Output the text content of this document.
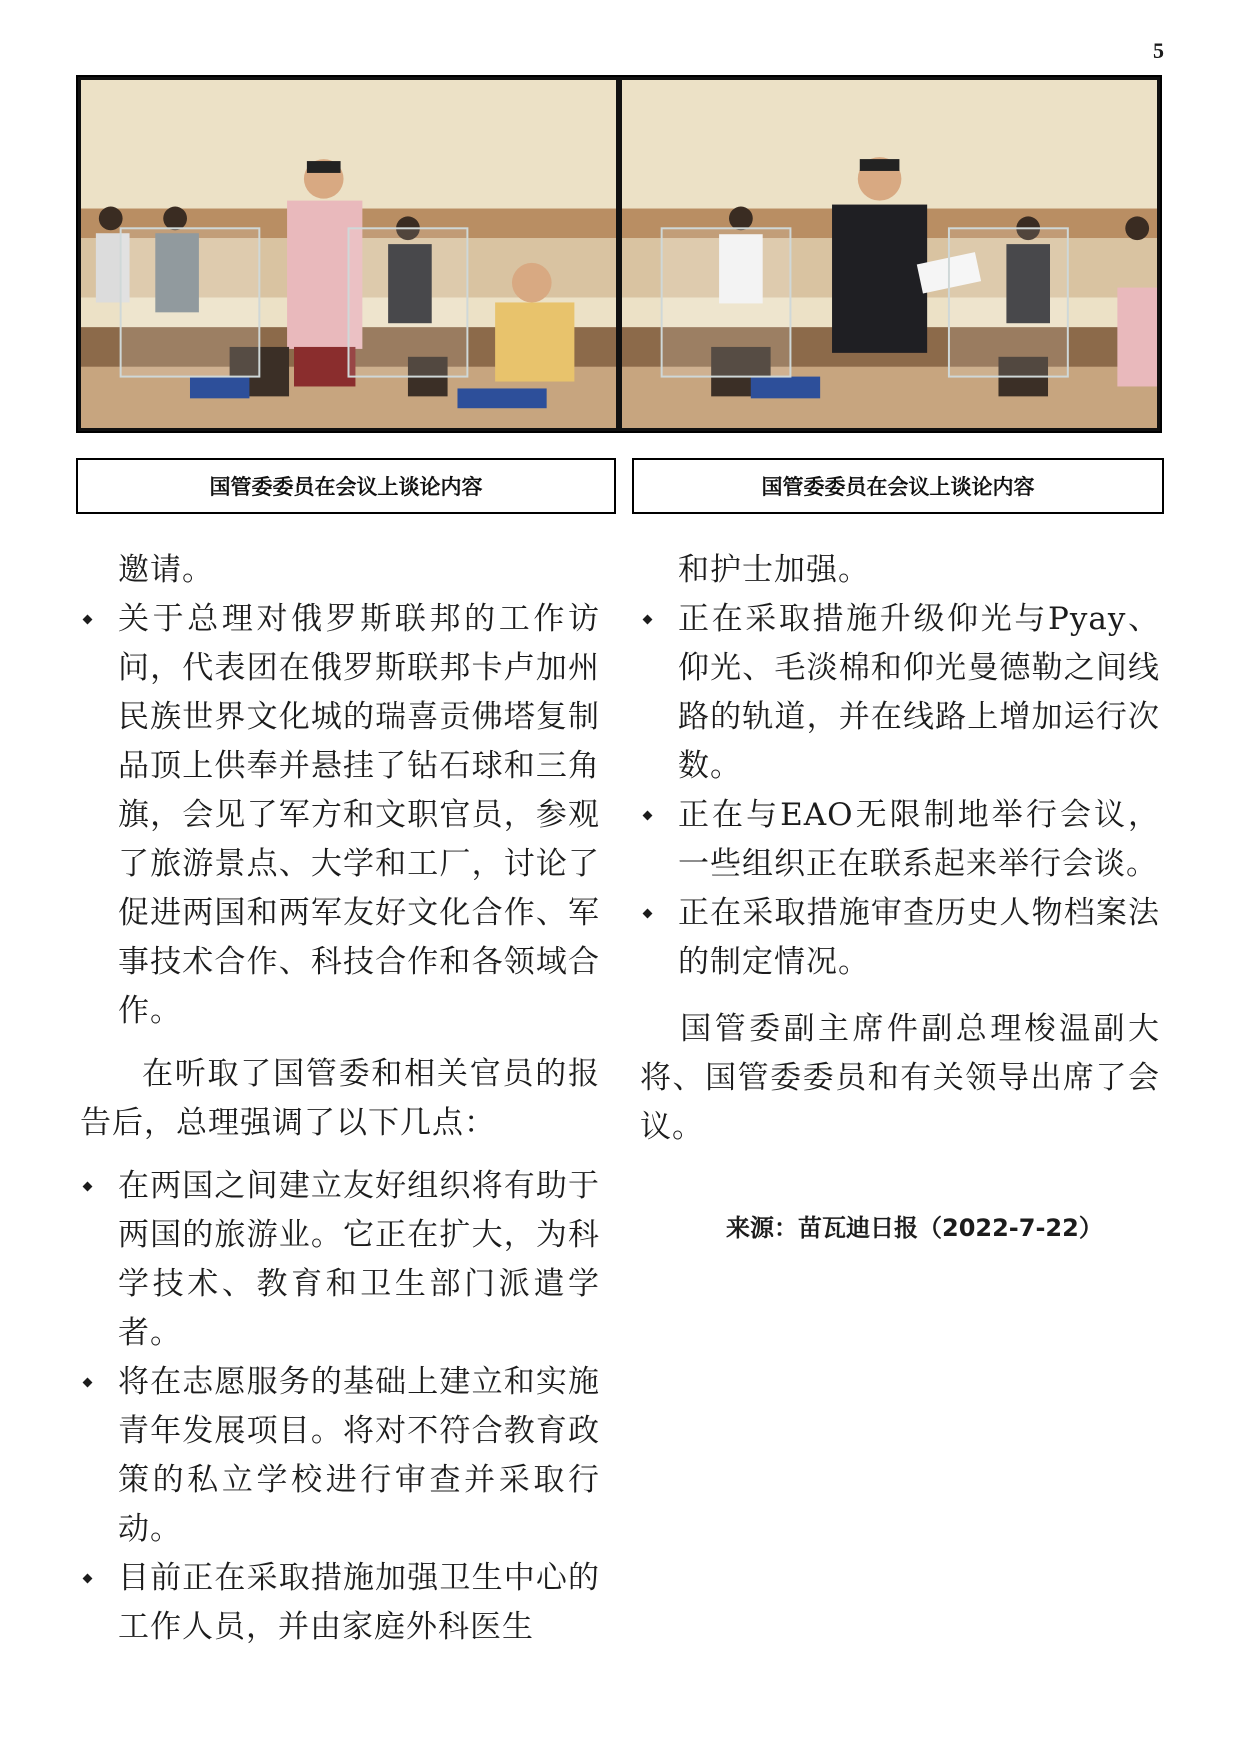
5
国管委委员在会议上谈论内容	国管委委员在会议上谈论内容

邀请。

关于总理对俄罗斯联邦的工作访问，代表团在俄罗斯联邦卡卢加州民族世界文化城的瑞喜贡佛塔复制品顶上供奉并悬挂了钻石球和三角旗，会见了军方和文职官员，参观了旅游景点、大学和工厂，讨论了促进两国和两军友好文化合作、军事技术合作、科技合作和各领域合作。

在听取了国管委和相关官员的报告后，总理强调了以下几点：

在两国之间建立友好组织将有助于两国的旅游业。它正在扩大，为科学技术、教育和卫生部门派遣学者。
将在志愿服务的基础上建立和实施青年发展项目。将对不符合教育政策的私立学校进行审查并采取行动。
目前正在采取措施加强卫生中心的工作人员，并由家庭外科医生

和护士加强。

正在采取措施升级仰光与Pyay、仰光、毛淡棉和仰光曼德勒之间线路的轨道，并在线路上增加运行次数。
正在与EAO无限制地举行会议，一些组织正在联系起来举行会谈。
正在采取措施审查历史人物档案法的制定情况。

国管委副主席件副总理梭温副大将、国管委委员和有关领导出席了会议。

来源：苗瓦迪日报（2022-7-22）
